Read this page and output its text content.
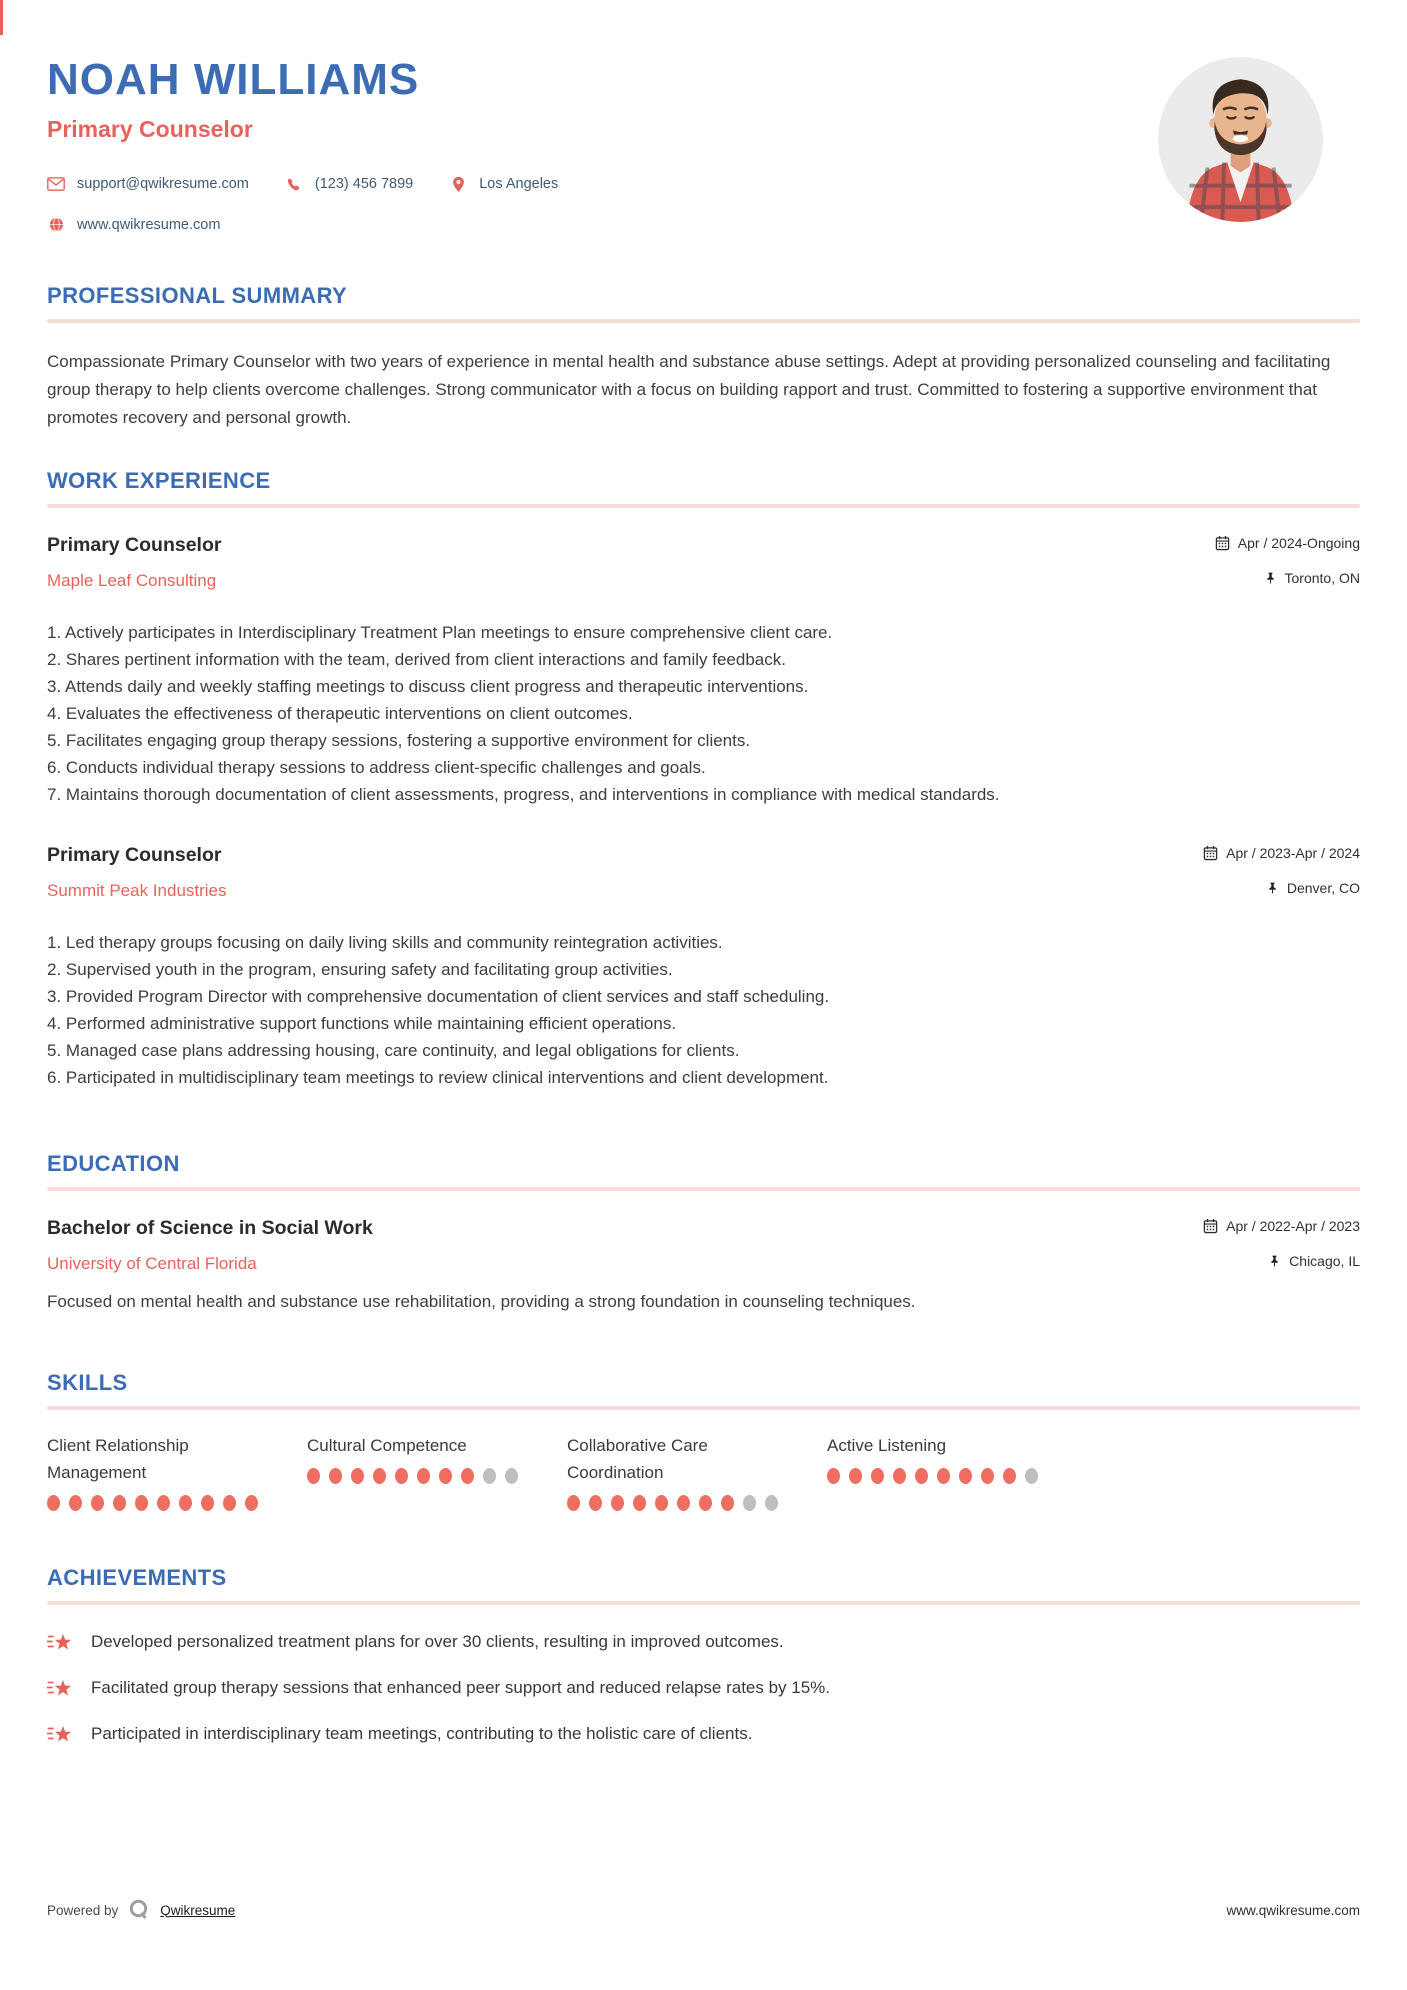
NOAH WILLIAMS
Primary Counselor
support@qwikresume.com	(123) 456 7899	Los Angeles
www.qwikresume.com
PROFESSIONAL SUMMARY
Compassionate Primary Counselor with two years of experience in mental health and substance abuse settings. Adept at providing personalized counseling and facilitating group therapy to help clients overcome challenges. Strong communicator with a focus on building rapport and trust. Committed to fostering a supportive environment that promotes recovery and personal growth.
WORK EXPERIENCE
Primary Counselor	Apr / 2024-Ongoing
Maple Leaf Consulting	Toronto, ON
Actively participates in Interdisciplinary Treatment Plan meetings to ensure comprehensive client care.
Shares pertinent information with the team, derived from client interactions and family feedback.
Attends daily and weekly staffing meetings to discuss client progress and therapeutic interventions.
Evaluates the effectiveness of therapeutic interventions on client outcomes.
Facilitates engaging group therapy sessions, fostering a supportive environment for clients.
Conducts individual therapy sessions to address client-specific challenges and goals.
Maintains thorough documentation of client assessments, progress, and interventions in compliance with medical standards.
Primary Counselor	Apr / 2023-Apr / 2024
Summit Peak Industries	Denver, CO
Led therapy groups focusing on daily living skills and community reintegration activities.
Supervised youth in the program, ensuring safety and facilitating group activities.
Provided Program Director with comprehensive documentation of client services and staff scheduling.
Performed administrative support functions while maintaining efficient operations.
Managed case plans addressing housing, care continuity, and legal obligations for clients.
Participated in multidisciplinary team meetings to review clinical interventions and client development.
EDUCATION
Bachelor of Science in Social Work	Apr / 2022-Apr / 2023
University of Central Florida	Chicago, IL
Focused on mental health and substance use rehabilitation, providing a strong foundation in counseling techniques.
SKILLS
Client Relationship Management
Cultural Competence	Collaborative Care Coordination
Active Listening
ACHIEVEMENTS
Developed personalized treatment plans for over 30 clients, resulting in improved outcomes.
Facilitated group therapy sessions that enhanced peer support and reduced relapse rates by 15%.
Participated in interdisciplinary team meetings, contributing to the holistic care of clients.
Powered by	Qwikresume	www.qwikresume.com
